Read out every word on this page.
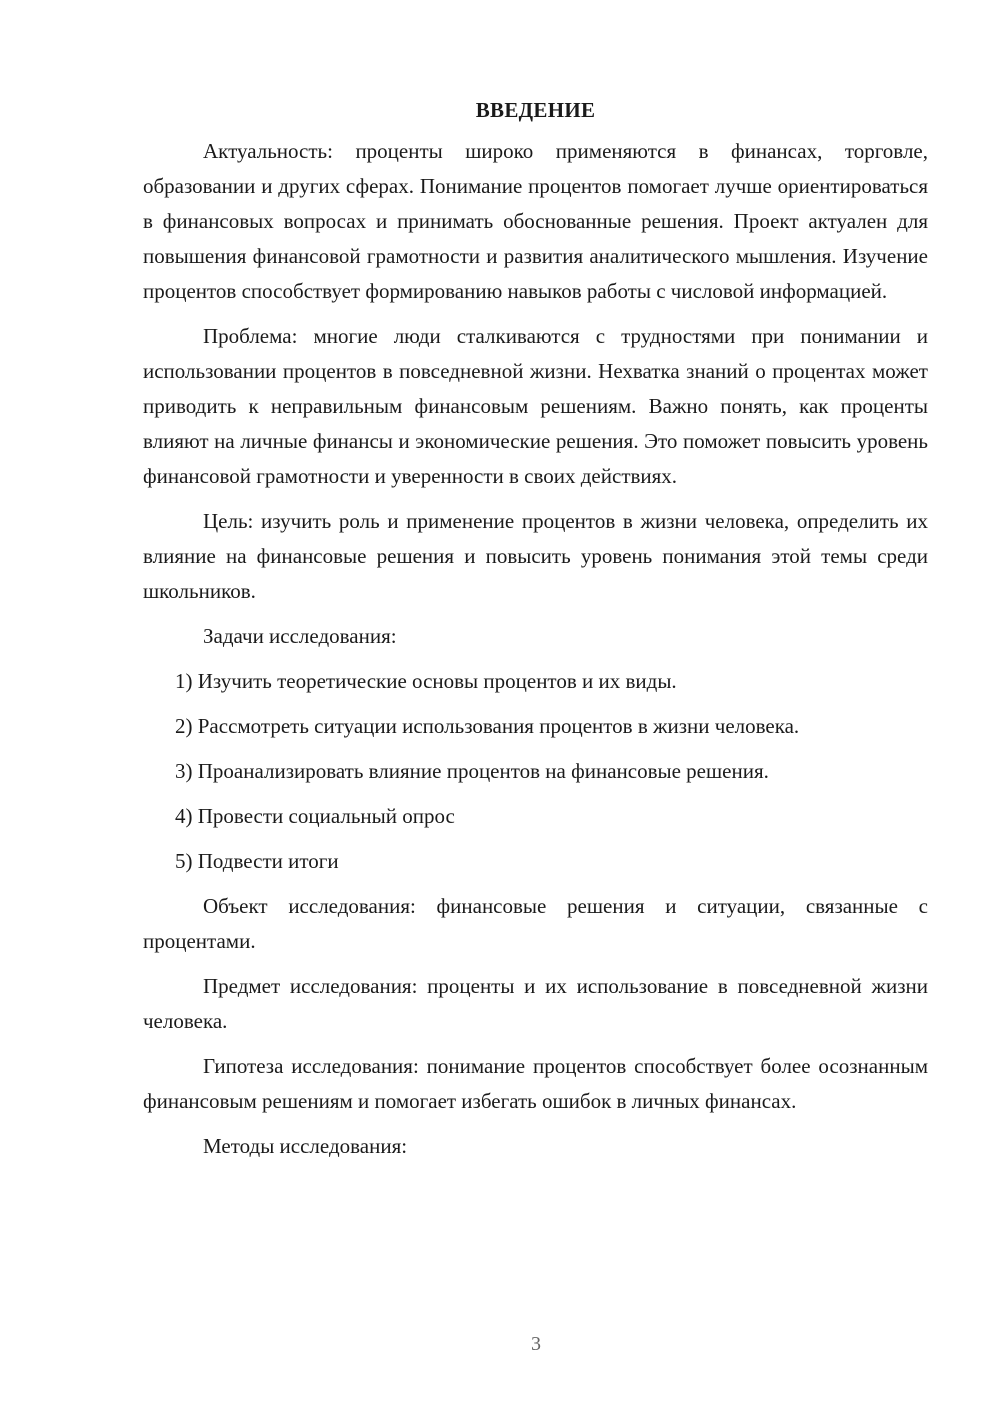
ВВЕДЕНИЕ

Актуальность: проценты широко применяются в финансах, торговле, образовании и других сферах. Понимание процентов помогает лучше ориентироваться в финансовых вопросах и принимать обоснованные решения. Проект актуален для повышения финансовой грамотности и развития аналитического мышления. Изучение процентов способствует формированию навыков работы с числовой информацией.

Проблема: многие люди сталкиваются с трудностями при понимании и использовании процентов в повседневной жизни. Нехватка знаний о процентах может приводить к неправильным финансовым решениям. Важно понять, как проценты влияют на личные финансы и экономические решения. Это поможет повысить уровень финансовой грамотности и уверенности в своих действиях.

Цель: изучить роль и применение процентов в жизни человека, определить их влияние на финансовые решения и повысить уровень понимания этой темы среди школьников.

Задачи исследования:

1) Изучить теоретические основы процентов и их виды.
2) Рассмотреть ситуации использования процентов в жизни человека.
3) Проанализировать влияние процентов на финансовые решения.
4) Провести социальный опрос
5) Подвести итоги

Объект исследования: финансовые решения и ситуации, связанные с процентами.

Предмет исследования: проценты и их использование в повседневной жизни человека.

Гипотеза исследования: понимание процентов способствует более осознанным финансовым решениям и помогает избегать ошибок в личных финансах.

Методы исследования:

3
